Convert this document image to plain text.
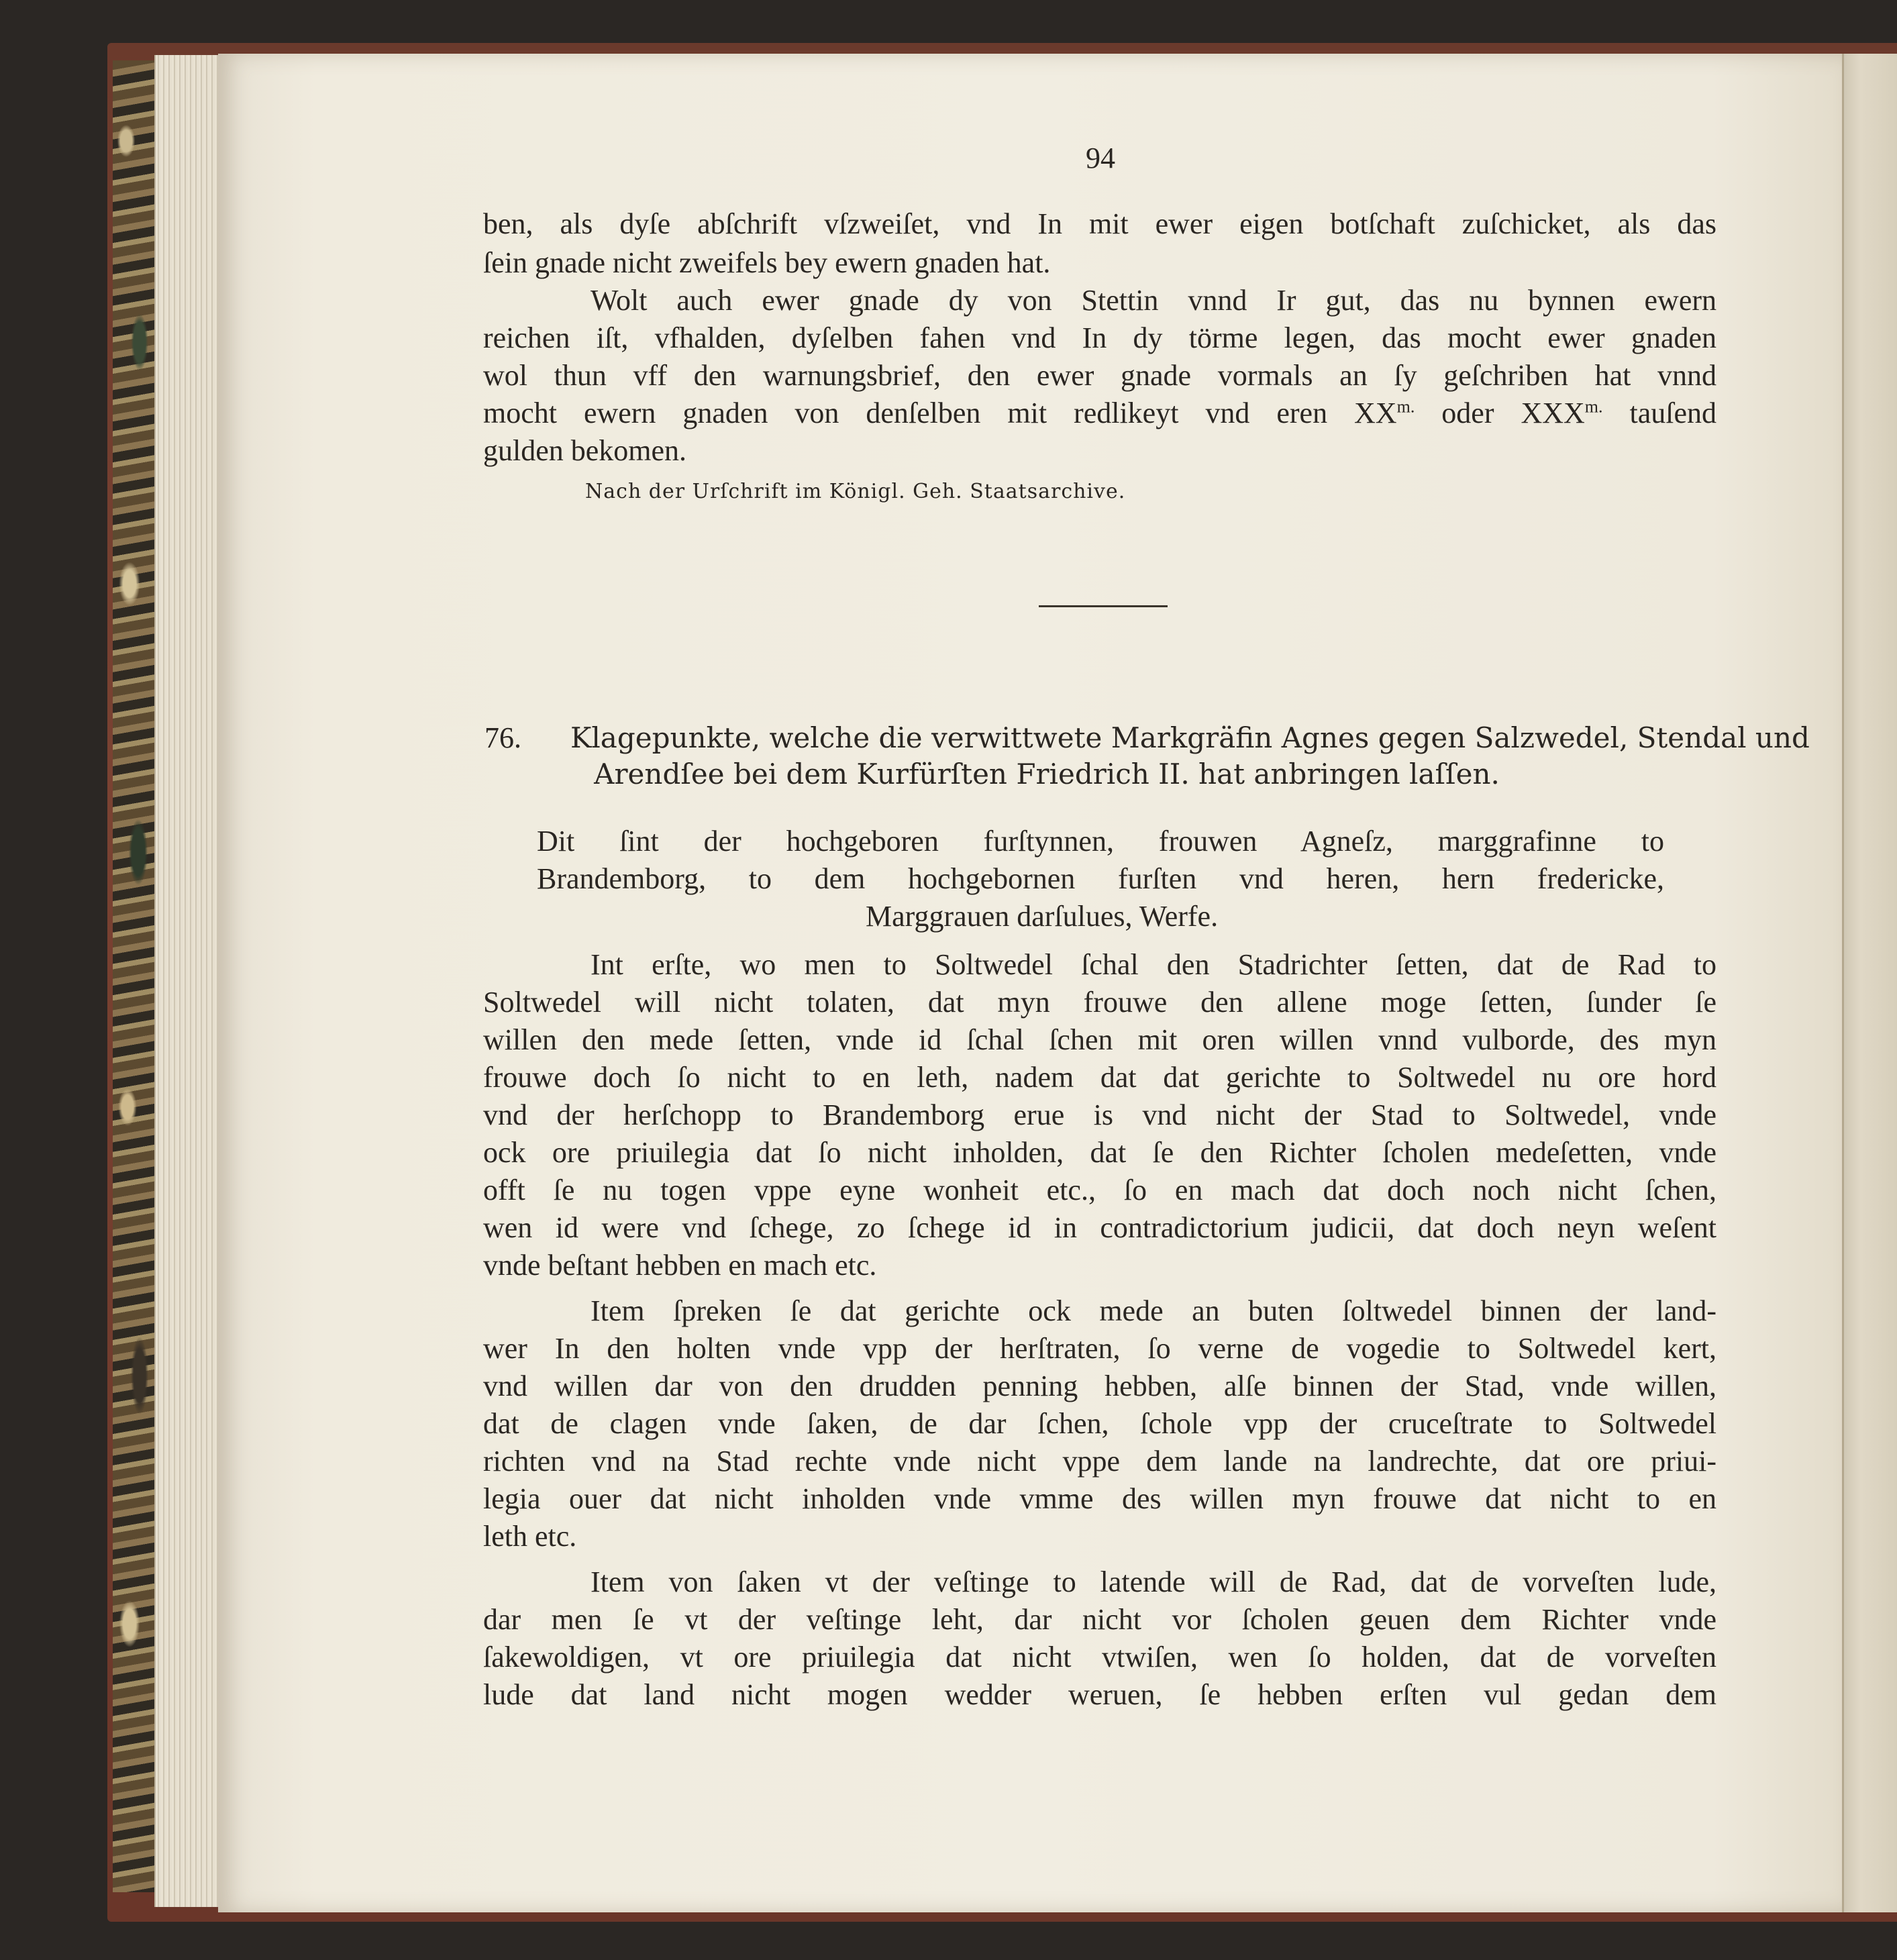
94
ben, als dyſe abſchrift vſzweiſet, vnd In mit ewer eigen botſchaft zuſchicket, als das
ſein gnade nicht zweifels bey ewern gnaden hat.
Wolt auch ewer gnade dy von Stettin vnnd Ir gut, das nu bynnen ewern
reichen iſt, vfhalden, dyſelben fahen vnd In dy törme legen, das mocht ewer gnaden
wol thun vff den warnungsbrief, den ewer gnade vormals an ſy geſchriben hat vnnd
mocht ewern gnaden von denſelben mit redlikeyt vnd eren $XX^{m.}$ oder $XXX^{m.}$ tauſend
gulden bekomen.
Nach der Urſchrift im Königl. Geh. Staatsarchive.
76. Klagepunkte, welche die verwittwete Markgräfin Agnes gegen Salzwedel, Stendal und
Arendſee bei dem Kurfürſten Friedrich II. hat anbringen laſſen.
Dit ſint der hochgeboren furſtynnen, frouwen Agneſz, marggrafinne to
Brandemborg, to dem hochgebornen furſten vnd heren, hern fredericke,
Marggrauen darſulues, Werfe.
Int erſte, wo men to Soltwedel ſchal den Stadrichter ſetten, dat de Rad to
Soltwedel will nicht tolaten, dat myn frouwe den allene moge ſetten, ſunder ſe
willen den mede ſetten, vnde id ſchal ſchen mit oren willen vnnd vulborde, des myn
frouwe doch ſo nicht to en leth, nadem dat dat gerichte to Soltwedel nu ore hord
vnd der herſchopp to Brandemborg erue is vnd nicht der Stad to Soltwedel, vnde
ock ore priuilegia dat ſo nicht inholden, dat ſe den Richter ſcholen medeſetten, vnde
offt ſe nu togen vppe eyne wonheit etc., ſo en mach dat doch noch nicht ſchen,
wen id were vnd ſchege, zo ſchege id in contradictorium judicii, dat doch neyn weſent
vnde beſtant hebben en mach etc.
Item ſpreken ſe dat gerichte ock mede an buten ſoltwedel binnen der land-
wer In den holten vnde vpp der herſtraten, ſo verne de vogedie to Soltwedel kert,
vnd willen dar von den drudden penning hebben, alſe binnen der Stad, vnde willen,
dat de clagen vnde ſaken, de dar ſchen, ſchole vpp der cruceſtrate to Soltwedel
richten vnd na Stad rechte vnde nicht vppe dem lande na landrechte, dat ore priui-
legia ouer dat nicht inholden vnde vmme des willen myn frouwe dat nicht to en
leth etc.
Item von ſaken vt der veſtinge to latende will de Rad, dat de vorveſten lude,
dar men ſe vt der veſtinge leht, dar nicht vor ſcholen geuen dem Richter vnde
ſakewoldigen, vt ore priuilegia dat nicht vtwiſen, wen ſo holden, dat de vorveſten
lude dat land nicht mogen wedder weruen, ſe hebben erſten vul gedan dem
